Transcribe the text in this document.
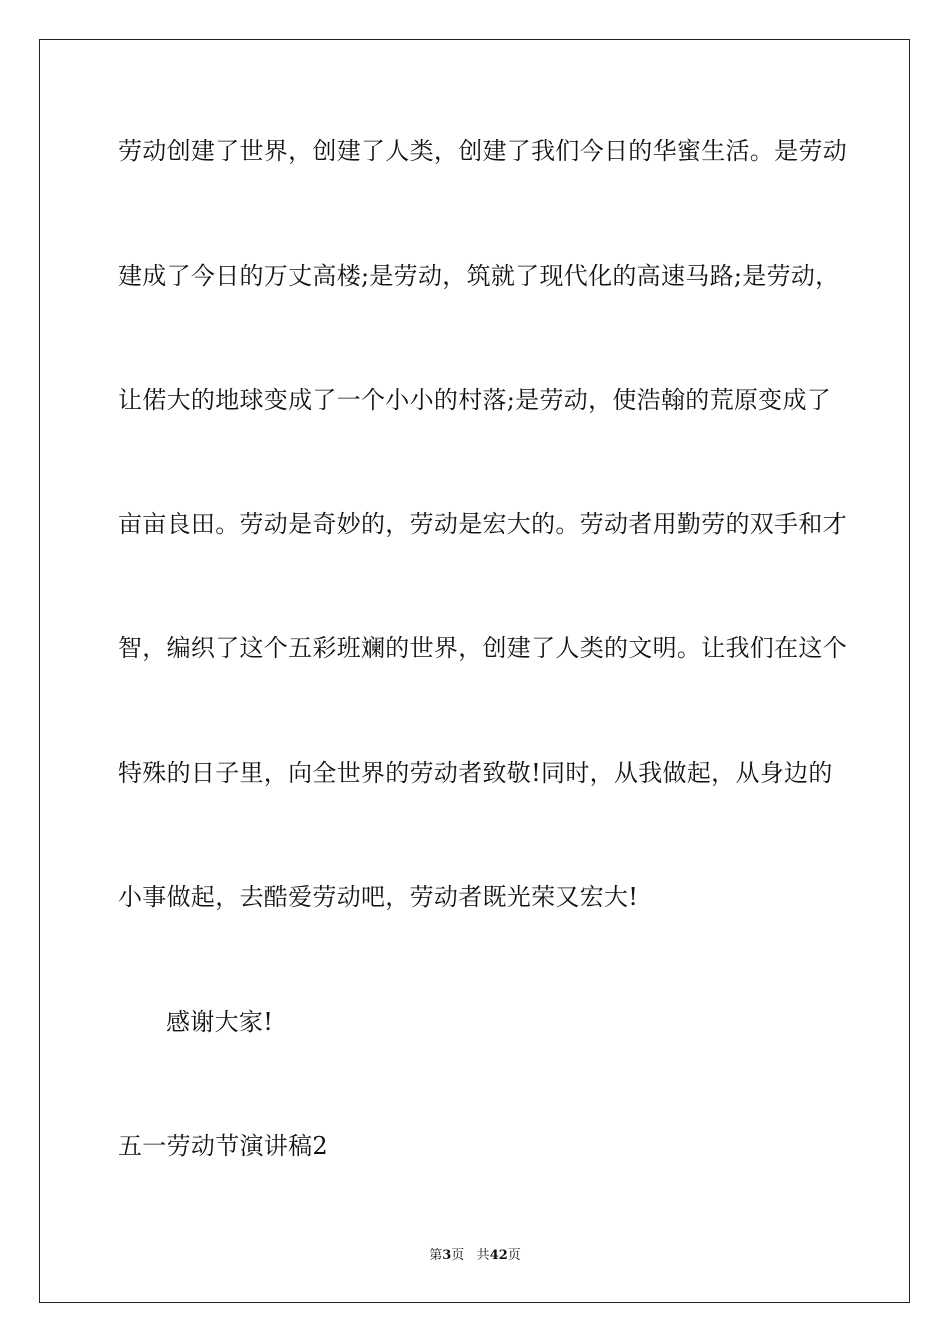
劳动创建了世界，创建了人类，创建了我们今日的华蜜生活。是劳动
建成了今日的万丈高楼;是劳动，筑就了现代化的高速马路;是劳动，
让偌大的地球变成了一个小小的村落;是劳动，使浩翰的荒原变成了
亩亩良田。劳动是奇妙的，劳动是宏大的。劳动者用勤劳的双手和才
智，编织了这个五彩班斓的世界，创建了人类的文明。让我们在这个
特殊的日子里，向全世界的劳动者致敬!同时，从我做起，从身边的
小事做起，去酷爱劳动吧，劳动者既光荣又宏大!
感谢大家!
五一劳动节演讲稿2
第3页 共42页
